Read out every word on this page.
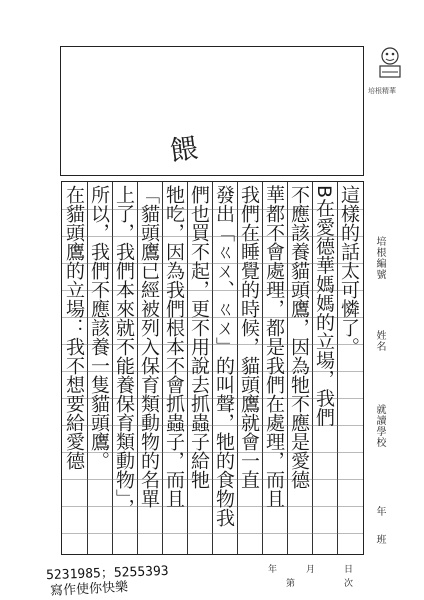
餵
培根精華
這樣的話太可憐了。
B在愛德華媽媽的立場，我們
不應該養貓頭鷹，因為牠不應是愛德
華都不會處理，都是我們在處理，而且
我們在睡覺的時候，貓頭鷹就會一直
發出「ㄍㄨ、ㄍㄨ」的叫聲，牠的食物我
們也買不起，更不用說去抓蟲子給牠
牠吃，因為我們根本不會抓蟲子，而且
「貓頭鷹已經被列入保育類動物的名單
上了，我們本來就不能養保育類動物」，
所以，我們不應該養一隻貓頭鷹。
在貓頭鷹的立場：我不想要給愛德	培根編號
姓名
就讀學校
年
班
年	月	日
第	次
5231985；5255393
寫作使你快樂
